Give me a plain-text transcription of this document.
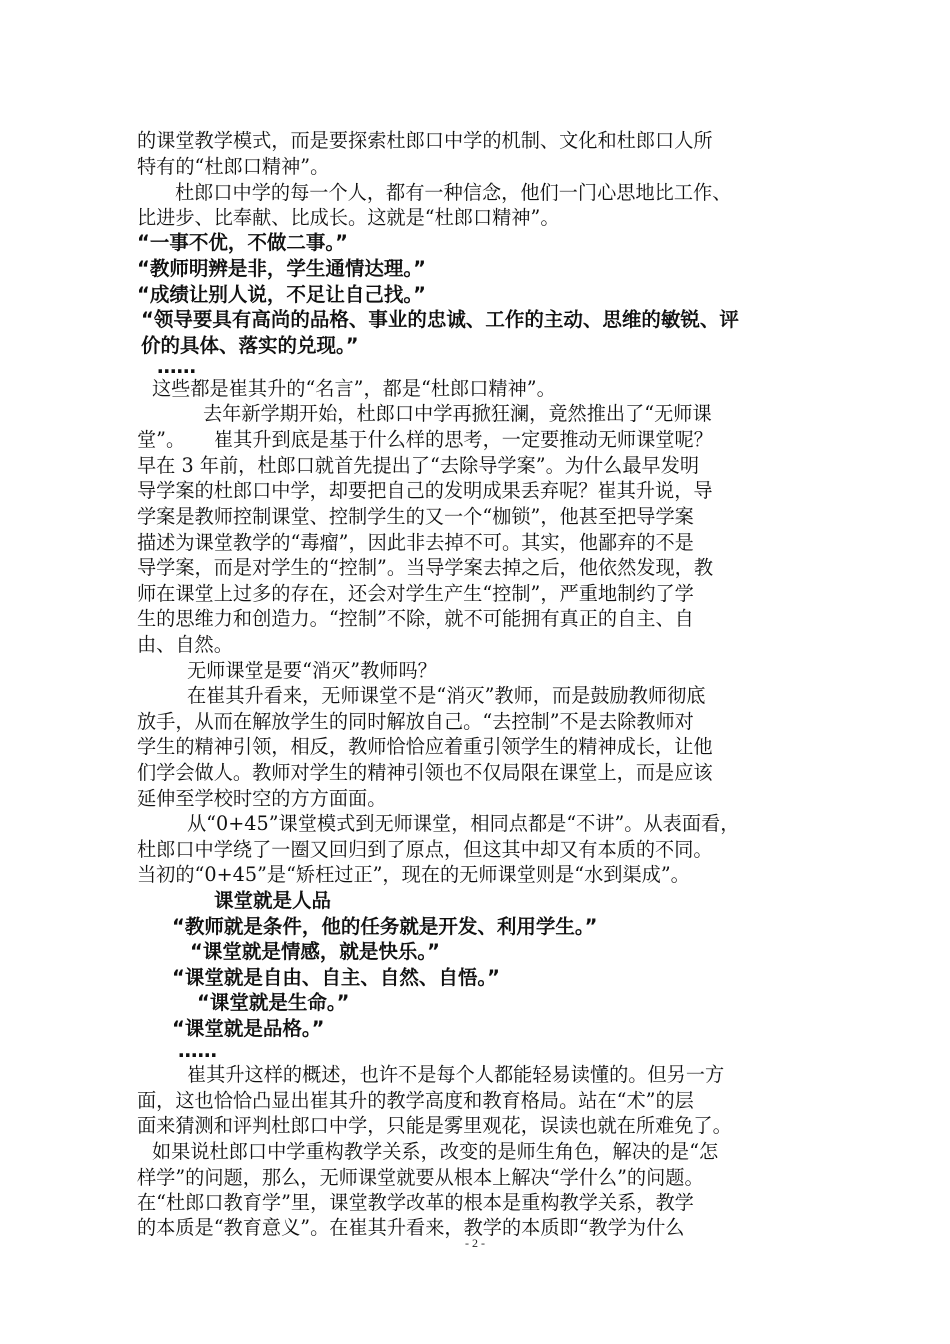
的课堂教学模式，而是要探索杜郎口中学的机制、文化和杜郎口人所
特有的“杜郎口精神”。
杜郎口中学的每一个人，都有一种信念，他们一门心思地比工作、
比进步、比奉献、比成长。这就是“杜郎口精神”。
“一事不优，不做二事。”
“教师明辨是非，学生通情达理。”
“成绩让别人说，不足让自己找。”
“领导要具有高尚的品格、事业的忠诚、工作的主动、思维的敏锐、评
价的具体、落实的兑现。”
……
这些都是崔其升的“名言”，都是“杜郎口精神”。
去年新学期开始，杜郎口中学再掀狂澜，竟然推出了“无师课
堂”。　　崔其升到底是基于什么样的思考，一定要推动无师课堂呢？
早在 3 年前，杜郎口就首先提出了“去除导学案”。为什么最早发明
导学案的杜郎口中学，却要把自己的发明成果丢弃呢？崔其升说，导
学案是教师控制课堂、控制学生的又一个“枷锁”，他甚至把导学案
描述为课堂教学的“毒瘤”，因此非去掉不可。其实，他鄙弃的不是
导学案，而是对学生的“控制”。当导学案去掉之后，他依然发现，教
师在课堂上过多的存在，还会对学生产生“控制”，严重地制约了学
生的思维力和创造力。“控制”不除，就不可能拥有真正的自主、自
由、自然。
无师课堂是要“消灭”教师吗？
在崔其升看来，无师课堂不是“消灭”教师，而是鼓励教师彻底
放手，从而在解放学生的同时解放自己。“去控制”不是去除教师对
学生的精神引领，相反，教师恰恰应着重引领学生的精神成长，让他
们学会做人。教师对学生的精神引领也不仅局限在课堂上，而是应该
延伸至学校时空的方方面面。
从“0+45”课堂模式到无师课堂，相同点都是“不讲”。从表面看，
杜郎口中学绕了一圈又回归到了原点，但这其中却又有本质的不同。
当初的“0+45”是“矫枉过正”，现在的无师课堂则是“水到渠成”。
课堂就是人品
“教师就是条件，他的任务就是开发、利用学生。”
“课堂就是情感，就是快乐。”
“课堂就是自由、自主、自然、自悟。”
“课堂就是生命。”
“课堂就是品格。”
……
崔其升这样的概述，也许不是每个人都能轻易读懂的。但另一方
面，这也恰恰凸显出崔其升的教学高度和教育格局。站在“术”的层
面来猜测和评判杜郎口中学，只能是雾里观花，误读也就在所难免了。
如果说杜郎口中学重构教学关系，改变的是师生角色，解决的是“怎
样学”的问题，那么，无师课堂就要从根本上解决“学什么”的问题。
在“杜郎口教育学”里，课堂教学改革的根本是重构教学关系，教学
的本质是“教育意义”。在崔其升看来，教学的本质即“教学为什么
- 2 -
